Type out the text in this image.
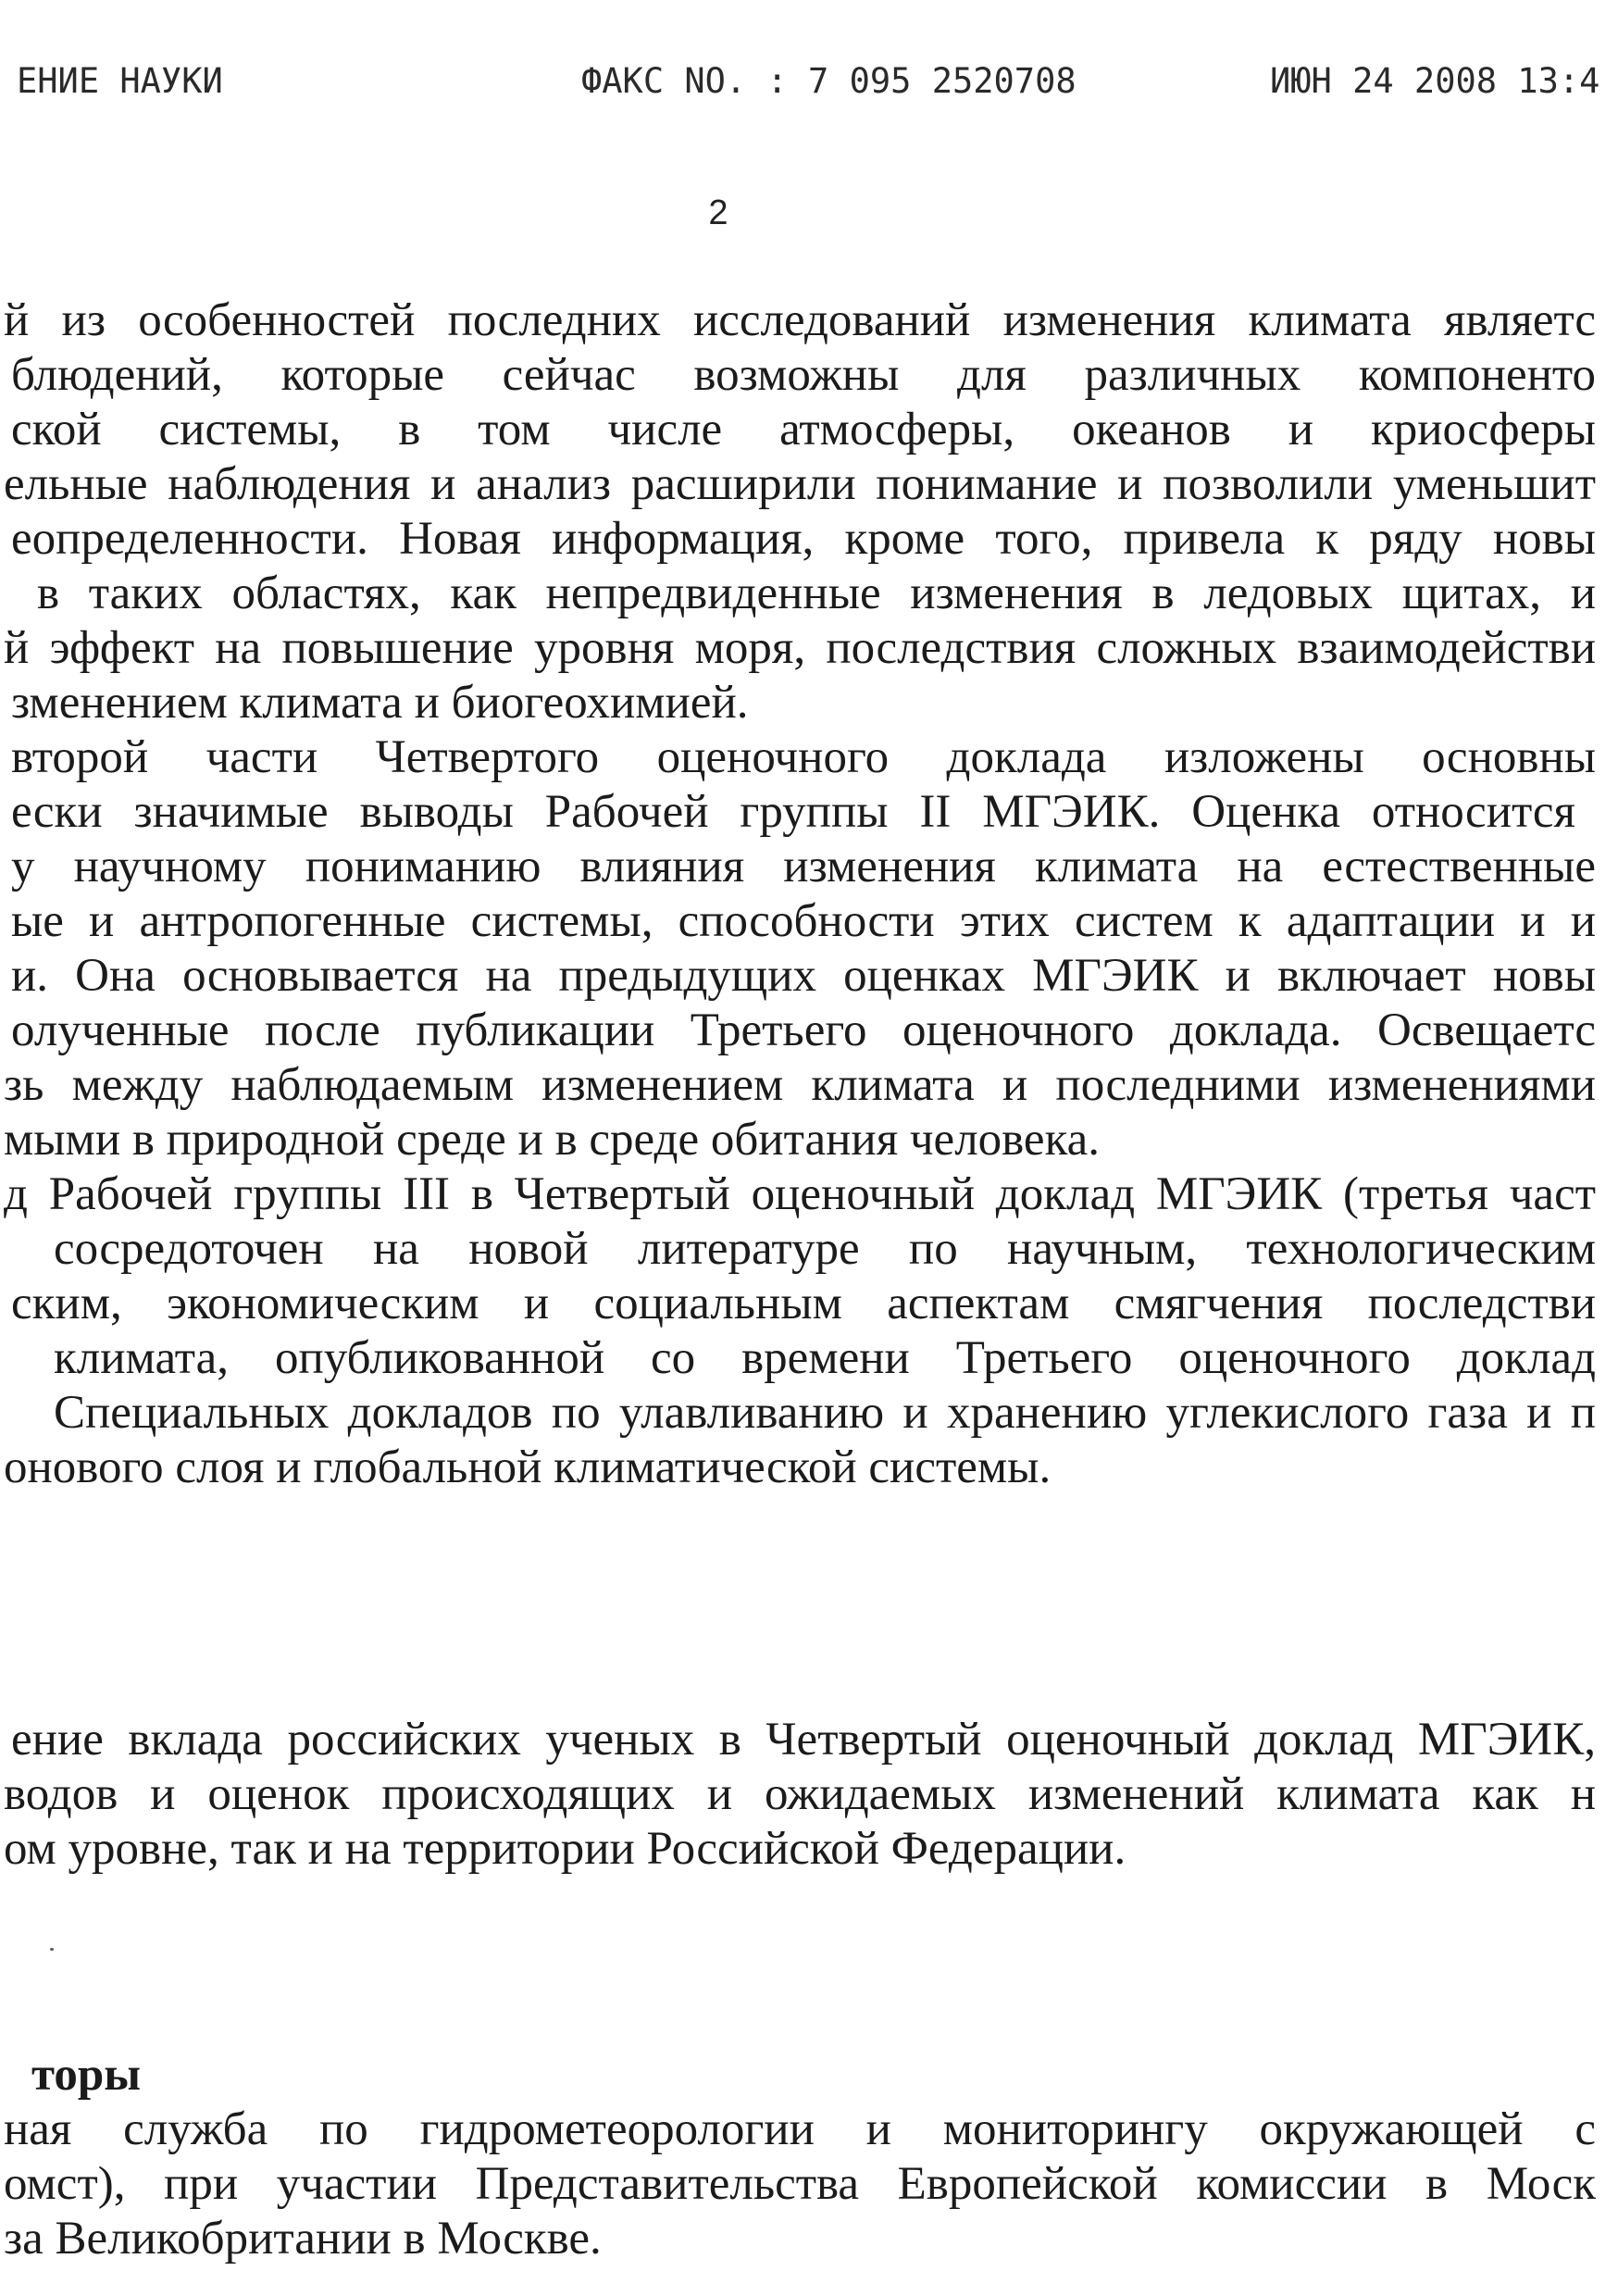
ЕНИЕ НАУКИ	ФАКС NO. : 7 095 2520708	ИЮН 24 2008 13:4
2
й из особенностей последних исследований изменения климата являетс
блюдений, которые сейчас возможны для различных компоненто
ской системы, в том числе атмосферы, океанов и криосферы
ельные наблюдения и анализ расширили понимание и позволили уменьшит
еопределенности. Новая информация, кроме того, привела к ряду новы
в таких областях, как непредвиденные изменения в ледовых щитах, и
й эффект на повышение уровня моря, последствия сложных взаимодействи
зменением климата и биогеохимией.
второй части Четвертого оценочного доклада изложены основны
ески значимые выводы Рабочей группы II МГЭИК. Оценка относится
у научному пониманию влияния изменения климата на естественные
ые и антропогенные системы, способности этих систем к адаптации и и
и. Она основывается на предыдущих оценках МГЭИК и включает новы
олученные после публикации Третьего оценочного доклада. Освещаетс
зь между наблюдаемым изменением климата и последними изменениями
мыми в природной среде и в среде обитания человека.
д Рабочей группы III в Четвертый оценочный доклад МГЭИК (третья част
сосредоточен на новой литературе по научным, технологическим
ским, экономическим и социальным аспектам смягчения последстви
климата, опубликованной со времени Третьего оценочного доклад
Специальных докладов по улавливанию и хранению углекислого газа и п
онового слоя и глобальной климатической системы.
ение вклада российских ученых в Четвертый оценочный доклад МГЭИК,
водов и оценок происходящих и ожидаемых изменений климата как н
ом уровне, так и на территории Российской Федерации.
торы
ная служба по гидрометеорологии и мониторингу окружающей с
омст), при участии Представительства Европейской комиссии в Моск
за Великобритании в Москве.
